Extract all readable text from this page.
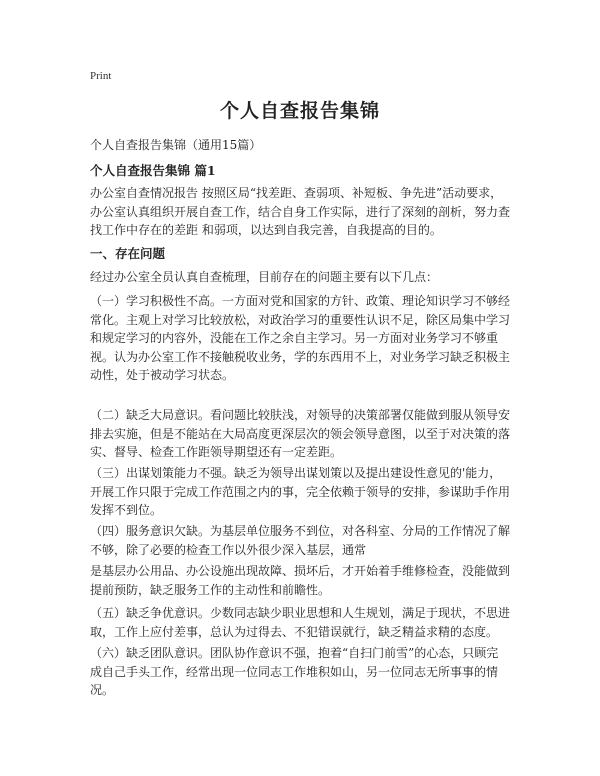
Print
个人自查报告集锦
个人自查报告集锦（通用15篇）
个人自查报告集锦 篇1
办公室自查情况报告 按照区局“找差距、查弱项、补短板、争先进”活动要求，办公室认真组织开展自查工作，结合自身工作实际，进行了深刻的剖析，努力查找工作中存在的差距 和弱项，以达到自我完善，自我提高的目的。
一、存在问题
经过办公室全员认真自查梳理，目前存在的问题主要有以下几点：
（一）学习积极性不高。一方面对党和国家的方针、政策、理论知识学习不够经常化。主观上对学习比较放松，对政治学习的重要性认识不足，除区局集中学习和规定学习的内容外，没能在工作之余自主学习。另一方面对业务学习不够重视。认为办公室工作不接触税收业务，学的东西用不上，对业务学习缺乏积极主动性，处于被动学习状态。
（二）缺乏大局意识。看问题比较肤浅，对领导的决策部署仅能做到服从领导安排去实施，但是不能站在大局高度更深层次的领会领导意图，以至于对决策的落实、督导、检查工作距领导期望还有一定差距。
（三）出谋划策能力不强。缺乏为领导出谋划策以及提出建设性意见的'能力，开展工作只限于完成工作范围之内的事，完全依赖于领导的安排，参谋助手作用发挥不到位。
（四）服务意识欠缺。为基层单位服务不到位，对各科室、分局的工作情况了解不够，除了必要的检查工作以外很少深入基层，通常
是基层办公用品、办公设施出现故障、损坏后，才开始着手维修检查，没能做到提前预防，缺乏服务工作的主动性和前瞻性。
（五）缺乏争优意识。少数同志缺少职业思想和人生规划，满足于现状，不思进取，工作上应付差事，总认为过得去、不犯错误就行，缺乏精益求精的态度。
（六）缺乏团队意识。团队协作意识不强，抱着“自扫门前雪”的心态，只顾完成自己手头工作，经常出现一位同志工作堆积如山，另一位同志无所事事的情况。
